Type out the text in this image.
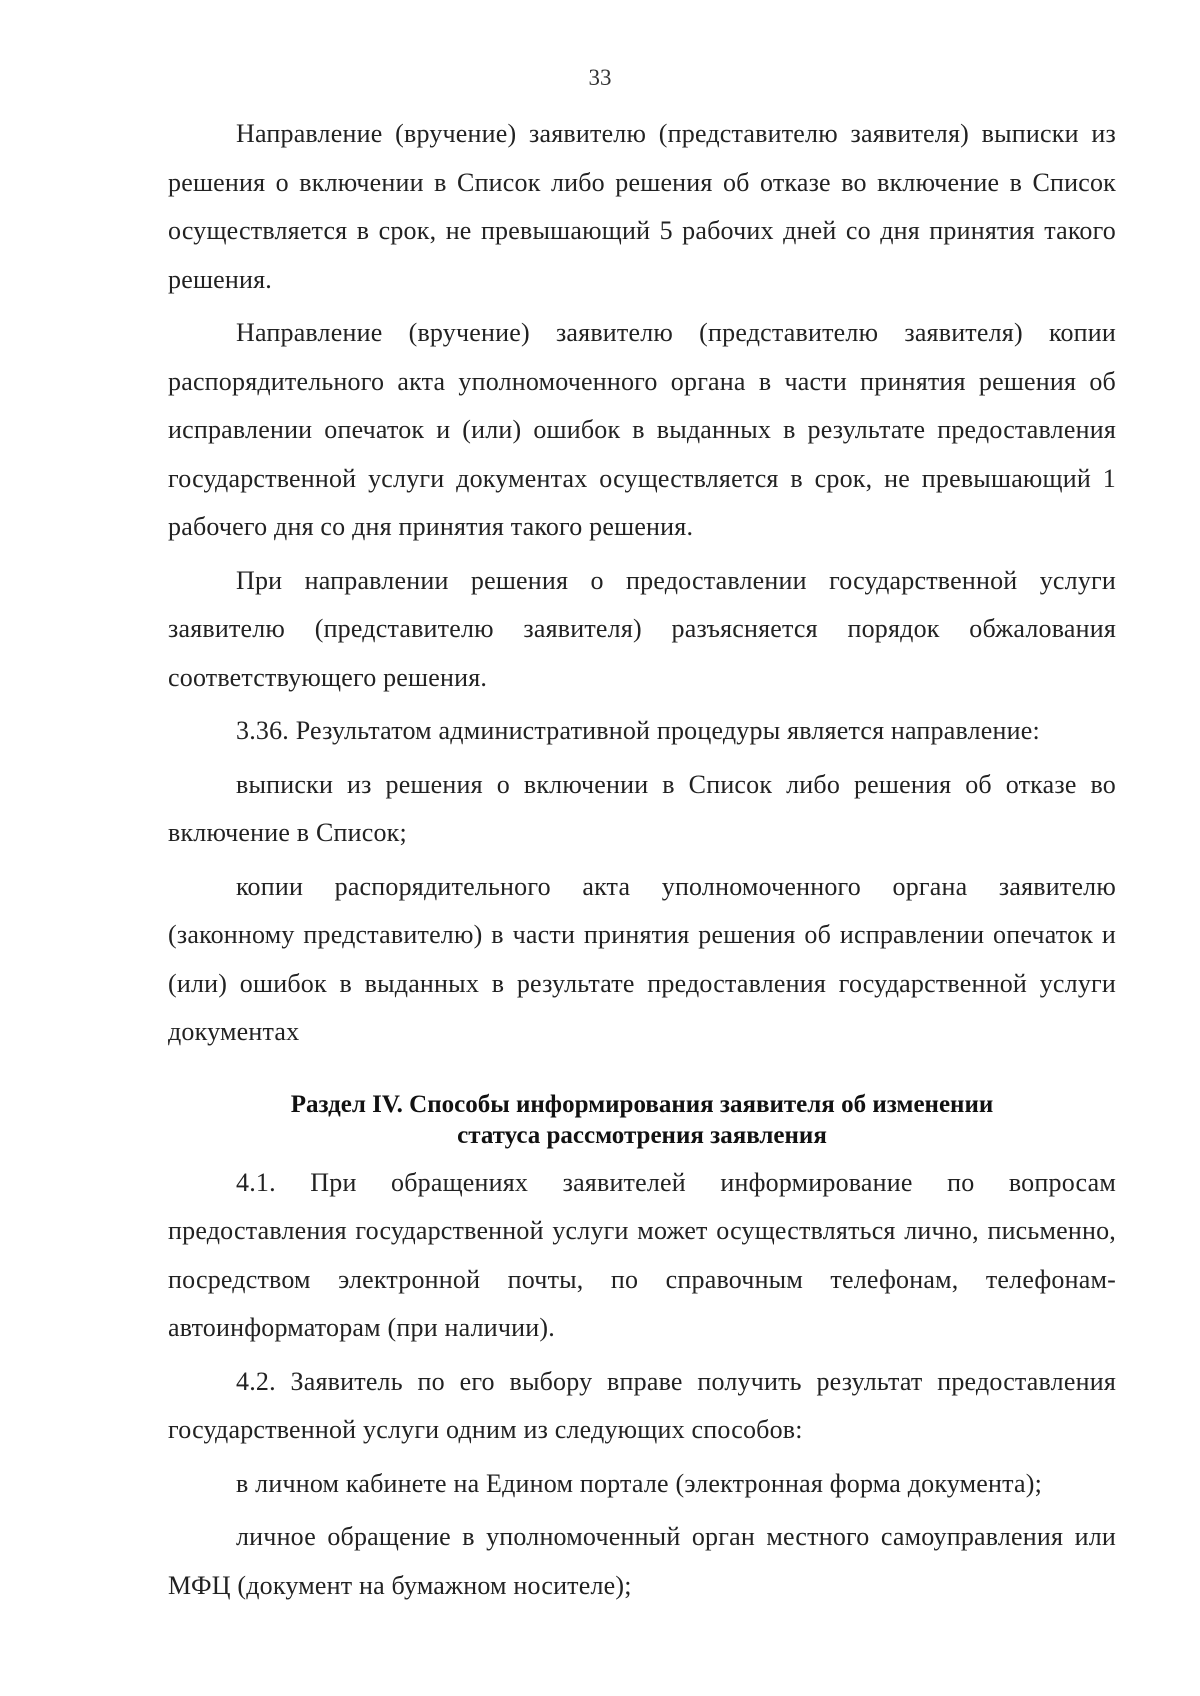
33

Направление (вручение) заявителю (представителю заявителя) выписки из решения о включении в Список либо решения об отказе во включение в Список осуществляется в срок, не превышающий 5 рабочих дней со дня принятия такого решения.

Направление (вручение) заявителю (представителю заявителя) копии распорядительного акта уполномоченного органа в части принятия решения об исправлении опечаток и (или) ошибок в выданных в результате предоставления государственной услуги документах осуществляется в срок, не превышающий 1 рабочего дня со дня принятия такого решения.

При направлении решения о предоставлении государственной услуги заявителю (представителю заявителя) разъясняется порядок обжалования соответствующего решения.

3.36. Результатом административной процедуры является направление:

выписки из решения о включении в Список либо решения об отказе во включение в Список;

копии распорядительного акта уполномоченного органа заявителю (законному представителю) в части принятия решения об исправлении опечаток и (или) ошибок в выданных в результате предоставления государственной услуги документах

Раздел IV. Способы информирования заявителя об изменении
статуса рассмотрения заявления

4.1. При обращениях заявителей информирование по вопросам предоставления государственной услуги может осуществляться лично, письменно, посредством электронной почты, по справочным телефонам, телефонам-автоинформаторам (при наличии).

4.2. Заявитель по его выбору вправе получить результат предоставления государственной услуги одним из следующих способов:

в личном кабинете на Едином портале (электронная форма документа);

личное обращение в уполномоченный орган местного самоуправления или МФЦ (документ на бумажном носителе);
